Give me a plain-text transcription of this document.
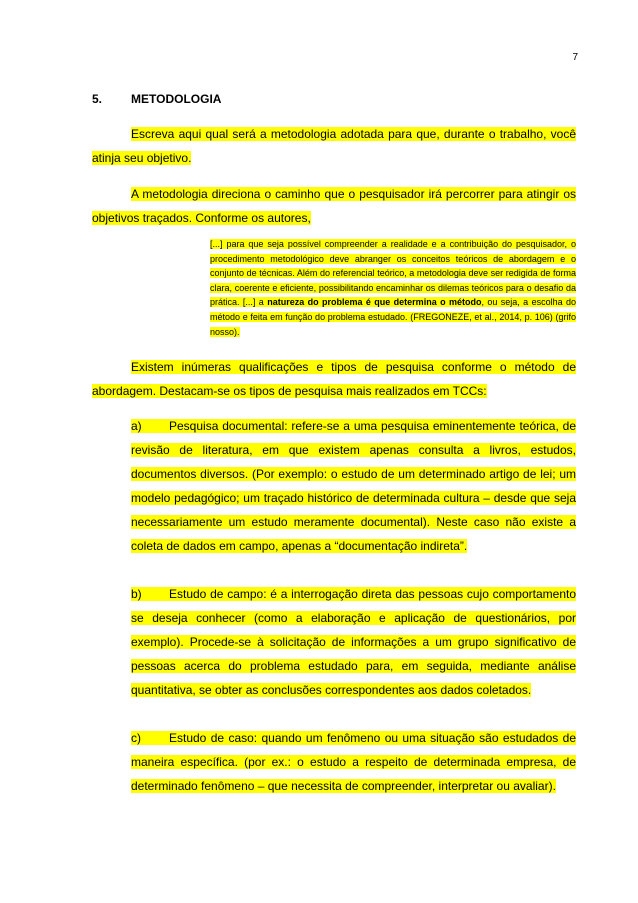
7
5. METODOLOGIA

Escreva aqui qual será a metodologia adotada para que, durante o trabalho, você atinja seu objetivo.

A metodologia direciona o caminho que o pesquisador irá percorrer para atingir os objetivos traçados. Conforme os autores,

[...] para que seja possível compreender a realidade e a contribuição do pesquisador, o procedimento metodológico deve abranger os conceitos teóricos de abordagem e o conjunto de técnicas. Além do referencial teórico, a metodologia deve ser redigida de forma clara, coerente e eficiente, possibilitando encaminhar os dilemas teóricos para o desafio da prática. [...] a natureza do problema é que determina o método, ou seja, a escolha do método e feita em função do problema estudado. (FREGONEZE, et al., 2014, p. 106) (grifo nosso).

Existem inúmeras qualificações e tipos de pesquisa conforme o método de abordagem. Destacam-se os tipos de pesquisa mais realizados em TCCs:

a) Pesquisa documental: refere-se a uma pesquisa eminentemente teórica, de revisão de literatura, em que existem apenas consulta a livros, estudos, documentos diversos. (Por exemplo: o estudo de um determinado artigo de lei; um modelo pedagógico; um traçado histórico de determinada cultura – desde que seja necessariamente um estudo meramente documental). Neste caso não existe a coleta de dados em campo, apenas a “documentação indireta”.

b) Estudo de campo: é a interrogação direta das pessoas cujo comportamento se deseja conhecer (como a elaboração e aplicação de questionários, por exemplo). Procede-se à solicitação de informações a um grupo significativo de pessoas acerca do problema estudado para, em seguida, mediante análise quantitativa, se obter as conclusões correspondentes aos dados coletados.

c) Estudo de caso: quando um fenômeno ou uma situação são estudados de maneira específica. (por ex.: o estudo a respeito de determinada empresa, de determinado fenômeno – que necessita de compreender, interpretar ou avaliar).
